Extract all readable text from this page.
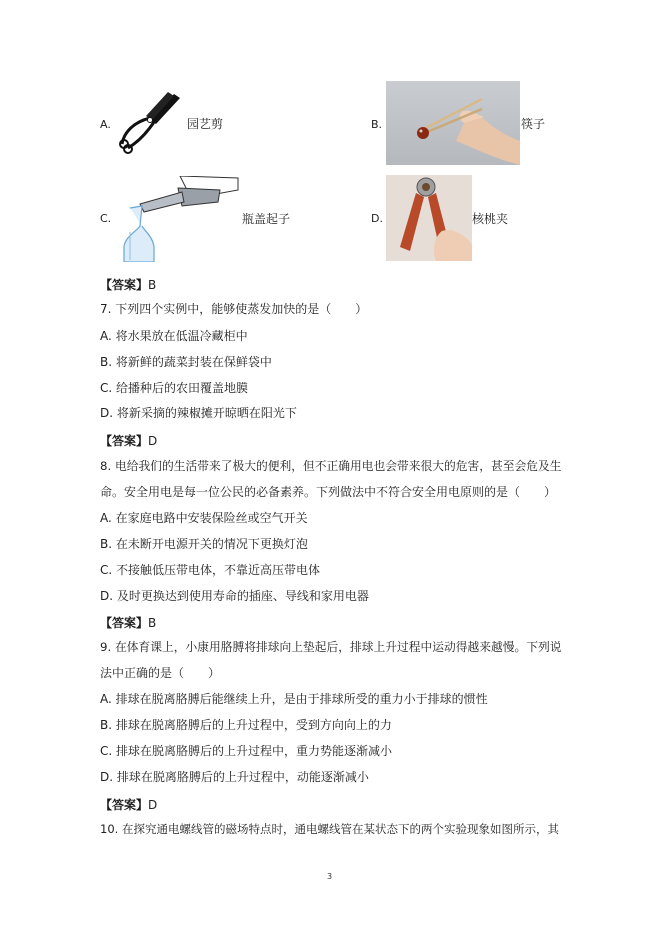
A.	园艺剪	B.	筷子
C.	瓶盖起子	D.	核桃夹
【答案】B
7. 下列四个实例中，能够使蒸发加快的是（　　）
A. 将水果放在低温冷藏柜中
B. 将新鲜的蔬菜封装在保鲜袋中
C. 给播种后的农田覆盖地膜
D. 将新采摘的辣椒摊开晾晒在阳光下
【答案】D
8. 电给我们的生活带来了极大的便利，但不正确用电也会带来很大的危害，甚至会危及生
命。安全用电是每一位公民的必备素养。下列做法中不符合安全用电原则的是（　　）
A. 在家庭电路中安装保险丝或空气开关
B. 在未断开电源开关的情况下更换灯泡
C. 不接触低压带电体，不靠近高压带电体
D. 及时更换达到使用寿命的插座、导线和家用电器
【答案】B
9. 在体育课上，小康用胳膊将排球向上垫起后，排球上升过程中运动得越来越慢。下列说
法中正确的是（　　）
A. 排球在脱离胳膊后能继续上升，是由于排球所受的重力小于排球的惯性
B. 排球在脱离胳膊后的上升过程中，受到方向向上的力
C. 排球在脱离胳膊后的上升过程中，重力势能逐渐减小
D. 排球在脱离胳膊后的上升过程中，动能逐渐减小
【答案】D
10. 在探究通电螺线管的磁场特点时，通电螺线管在某状态下的两个实验现象如图所示，其
3
